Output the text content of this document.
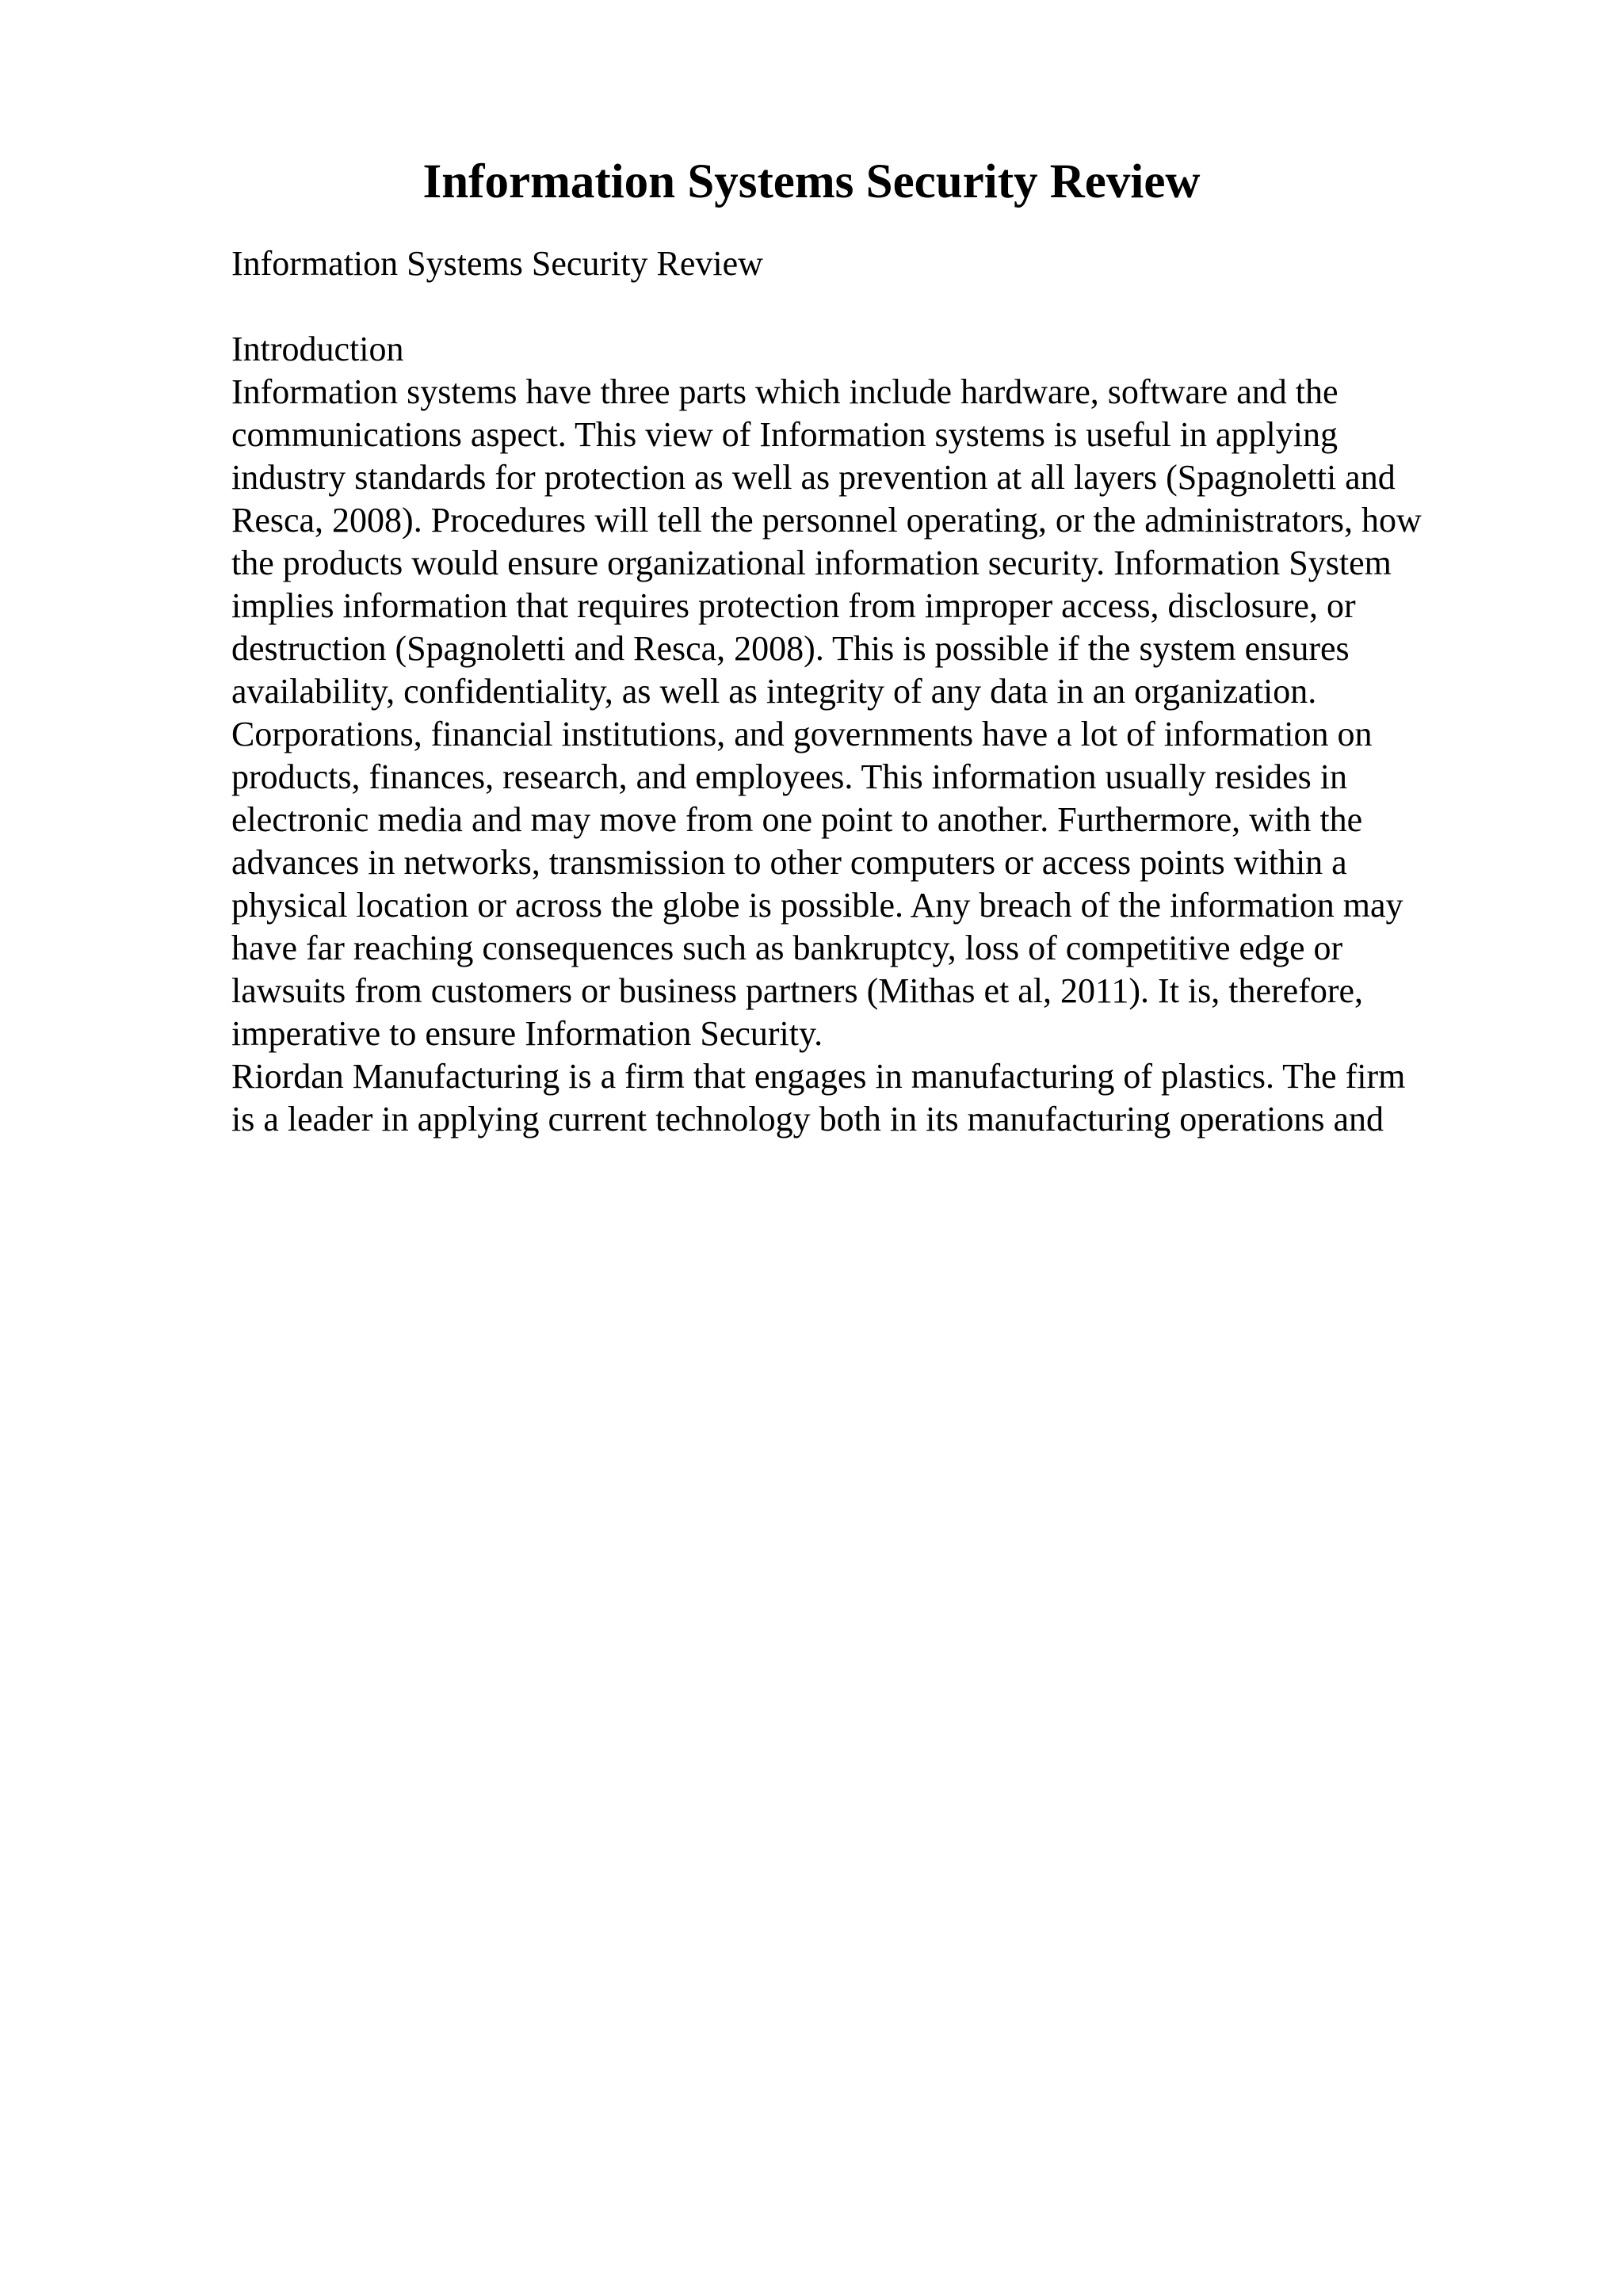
Information Systems Security Review
Information Systems Security Review
Introduction
Information systems have three parts which include hardware, software and the
communications aspect. This view of Information systems is useful in applying
industry standards for protection as well as prevention at all layers (Spagnoletti and
Resca, 2008). Procedures will tell the personnel operating, or the administrators, how
the products would ensure organizational information security. Information System
implies information that requires protection from improper access, disclosure, or
destruction (Spagnoletti and Resca, 2008). This is possible if the system ensures
availability, confidentiality, as well as integrity of any data in an organization.
Corporations, financial institutions, and governments have a lot of information on
products, finances, research, and employees. This information usually resides in
electronic media and may move from one point to another. Furthermore, with the
advances in networks, transmission to other computers or access points within a
physical location or across the globe is possible. Any breach of the information may
have far reaching consequences such as bankruptcy, loss of competitive edge or
lawsuits from customers or business partners (Mithas et al, 2011). It is, therefore,
imperative to ensure Information Security.
Riordan Manufacturing is a firm that engages in manufacturing of plastics. The firm
is a leader in applying current technology both in its manufacturing operations and
